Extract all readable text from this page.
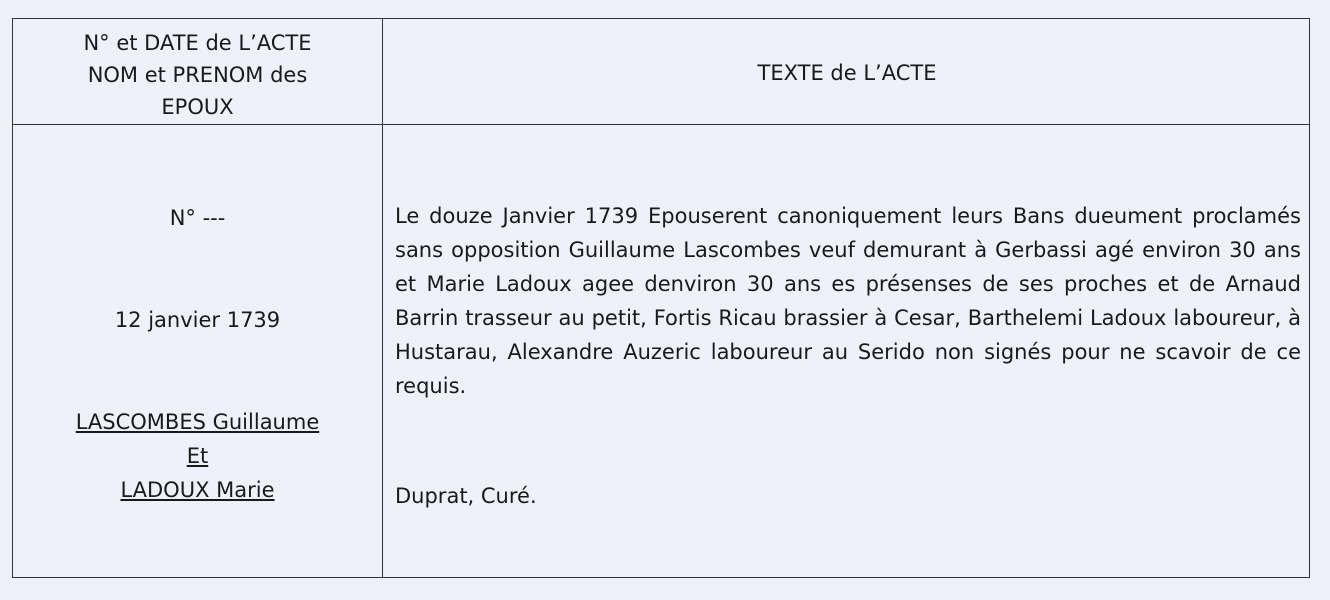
N° et DATE de L’ACTE
NOM et PRENOM des
EPOUX
TEXTE de L’ACTE
N° ---
12 janvier 1739
LASCOMBES Guillaume
Et
LADOUX Marie

Le douze Janvier 1739 Epouserent canoniquement leurs Bans dueument proclamés sans opposition Guillaume Lascombes veuf demurant à Gerbassi agé environ 30 ans et Marie Ladoux agee denviron 30 ans es présenses de ses proches et de Arnaud Barrin trasseur au petit, Fortis Ricau brassier à Cesar, Barthelemi Ladoux laboureur, à Hustarau, Alexandre Auzeric laboureur au Serido non signés pour ne scavoir de ce requis.

Duprat, Curé.
